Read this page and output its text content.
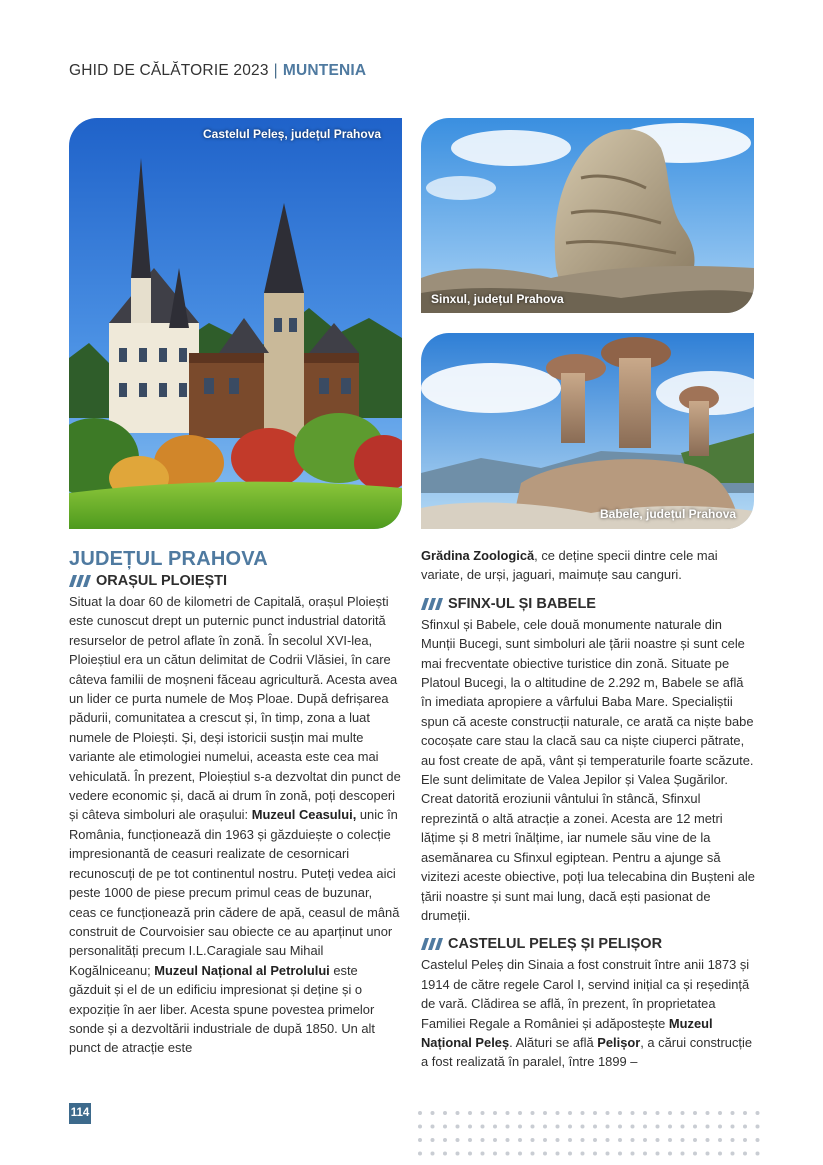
GHID DE CĂLĂTORIE 2023 | MUNTENIA
Castelul Peleș, județul Prahova
Sinxul, județul Prahova
Babele, județul Prahova
JUDEȚUL PRAHOVA
ORAȘUL PLOIEȘTI

Situat la doar 60 de kilometri de Capitală, orașul Ploiești este cunoscut drept un puternic punct industrial datorită resurselor de petrol aflate în zonă. În secolul XVI-lea, Ploieștiul era un cătun delimitat de Codrii Vlăsiei, în care câteva familii de moșneni făceau agricultură. Acesta avea un lider ce purta numele de Moș Ploae. După defrișarea pădurii, comunitatea a crescut și, în timp, zona a luat numele de Ploiești. Și, deși istoricii susțin mai multe variante ale etimologiei numelui, aceasta este cea mai vehiculată. În prezent, Ploieștiul s-a dezvoltat din punct de vedere economic și, dacă ai drum în zonă, poți descoperi și câteva simboluri ale orașului: Muzeul Ceasului, unic în România, funcționează din 1963 și găzduiește o colecție impresionantă de ceasuri realizate de cesornicari recunoscuți de pe tot continentul nostru. Puteți vedea aici peste 1000 de piese precum primul ceas de buzunar, ceas ce funcționează prin cădere de apă, ceasul de mână construit de Courvoisier sau obiecte ce au aparținut unor personalități precum I.L.Caragiale sau Mihail Kogălniceanu; Muzeul Național al Petrolului este găzduit și el de un edificiu impresionat și deține și o expoziție în aer liber. Acesta spune povestea primelor sonde și a dezvoltării industriale de după 1850. Un alt punct de atracție este

Grădina Zoologică, ce deține specii dintre cele mai variate, de urși, jaguari, maimuțe sau canguri.

SFINX-UL ȘI BABELE

Sfinxul și Babele, cele două monumente naturale din Munții Bucegi, sunt simboluri ale țării noastre și sunt cele mai frecventate obiective turistice din zonă. Situate pe Platoul Bucegi, la o altitudine de 2.292 m, Babele se află în imediata apropiere a vârfului Baba Mare. Specialiștii spun că aceste construcții naturale, ce arată ca niște babe cocoșate care stau la clacă sau ca niște ciuperci pătrate, au fost create de apă, vânt și temperaturile foarte scăzute. Ele sunt delimitate de Valea Jepilor și Valea Șugărilor. Creat datorită eroziunii vântului în stâncă, Sfinxul reprezintă o altă atracție a zonei. Acesta are 12 metri lățime și 8 metri înălțime, iar numele său vine de la asemănarea cu Sfinxul egiptean. Pentru a ajunge să vizitezi aceste obiective, poți lua telecabina din Bușteni ale țării noastre și sunt mai lung, dacă ești pasionat de drumeții.

CASTELUL PELEȘ ȘI PELIȘOR

Castelul Peleș din Sinaia a fost construit între anii 1873 și 1914 de către regele Carol I, servind inițial ca și reședință de vară. Clădirea se află, în prezent, în proprietatea Familiei Regale a României și adăpostește Muzeul Național Peleș. Alături se află Pelișor, a cărui construcție a fost realizată în paralel, între 1899 –

114
